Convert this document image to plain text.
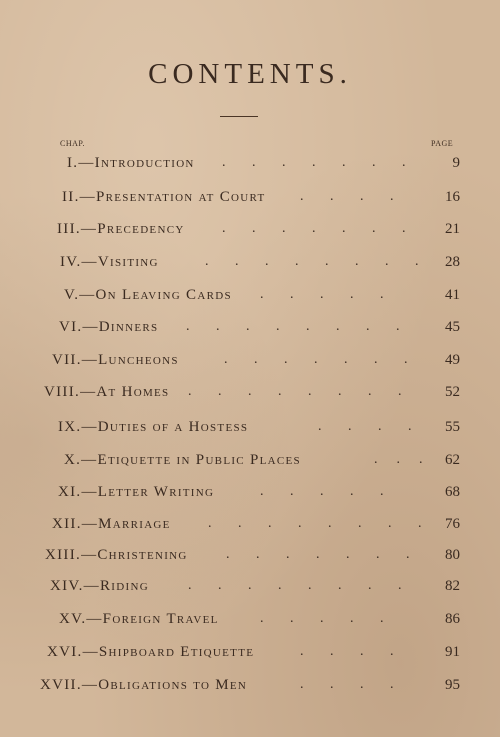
CONTENTS.
CHAP.	PAGE
I.—Introduction .   .   .   .   .   .   .	9
II.—Presentation at Court .   .   .   .	16
III.—Precedency	.   .   .   .   .   .   . 21
IV.—Visiting	.   .   .   .   .   .   .   . 28
V.—On Leaving Cards .   .   .   .   .	41
VI.—Dinners .   .   .   .   .   .   .   .	45
VII.—Luncheons	.   .   .   .   .   .   . 49
VIII.—At Homes .   .   .   .   .   .   .   .	52
IX.—Duties of a Hostess	.   .   .   . 55
X.—Etiquette in Public Places	.  .  . 62
XI.—Letter Writing	.   .   .   .   .	68
XII.—Marriage	.   .   .   .   .   .   .   . 76
XIII.—Christening	.   .   .   .   .   .   . 80
XIV.—Riding	.   .   .   .   .   .   .   .	82
XV.—Foreign Travel	.   .   .   .   .	86
XVI.—Shipboard Etiquette	.   .   .   .	91
XVII.—Obligations to Men	.   .   .   .	95
